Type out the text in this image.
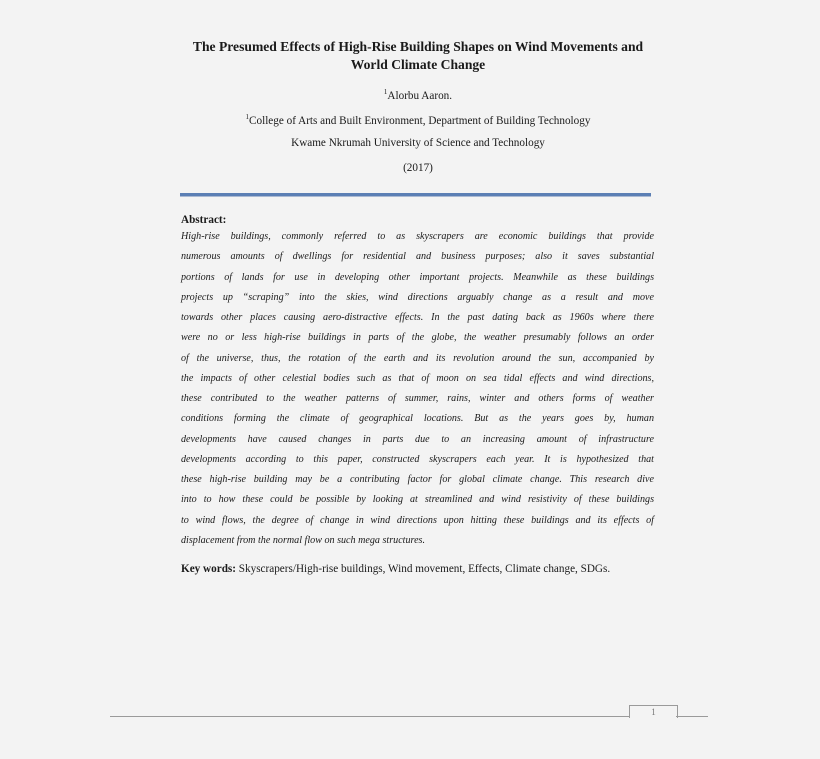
The Presumed Effects of High-Rise Building Shapes on Wind Movements and
World Climate Change
$^1$Alorbu Aaron.
$^1$College of Arts and Built Environment, Department of Building Technology
Kwame Nkrumah University of Science and Technology
(2017)
Abstract:
High-rise buildings, commonly referred to as skyscrapers are economic buildings that provide
numerous amounts of dwellings for residential and business purposes; also it saves substantial
portions of lands for use in developing other important projects. Meanwhile as these buildings
projects up “scraping” into the skies, wind directions arguably change as a result and move
towards other places causing aero-distractive effects. In the past dating back as 1960s where there
were no or less high-rise buildings in parts of the globe, the weather presumably follows an order
of the universe, thus, the rotation of the earth and its revolution around the sun, accompanied by
the impacts of other celestial bodies such as that of moon on sea tidal effects and wind directions,
these contributed to the weather patterns of summer, rains, winter and others forms of weather
conditions forming the climate of geographical locations. But as the years goes by, human
developments have caused changes in parts due to an increasing amount of infrastructure
developments according to this paper, constructed skyscrapers each year. It is hypothesized that
these high-rise building may be a contributing factor for global climate change. This research dive
into to how these could be possible by looking at streamlined and wind resistivity of these buildings
to wind flows, the degree of change in wind directions upon hitting these buildings and its effects of
displacement from the normal flow on such mega structures.
Key words: Skyscrapers/High-rise buildings, Wind movement, Effects, Climate change, SDGs.
1
